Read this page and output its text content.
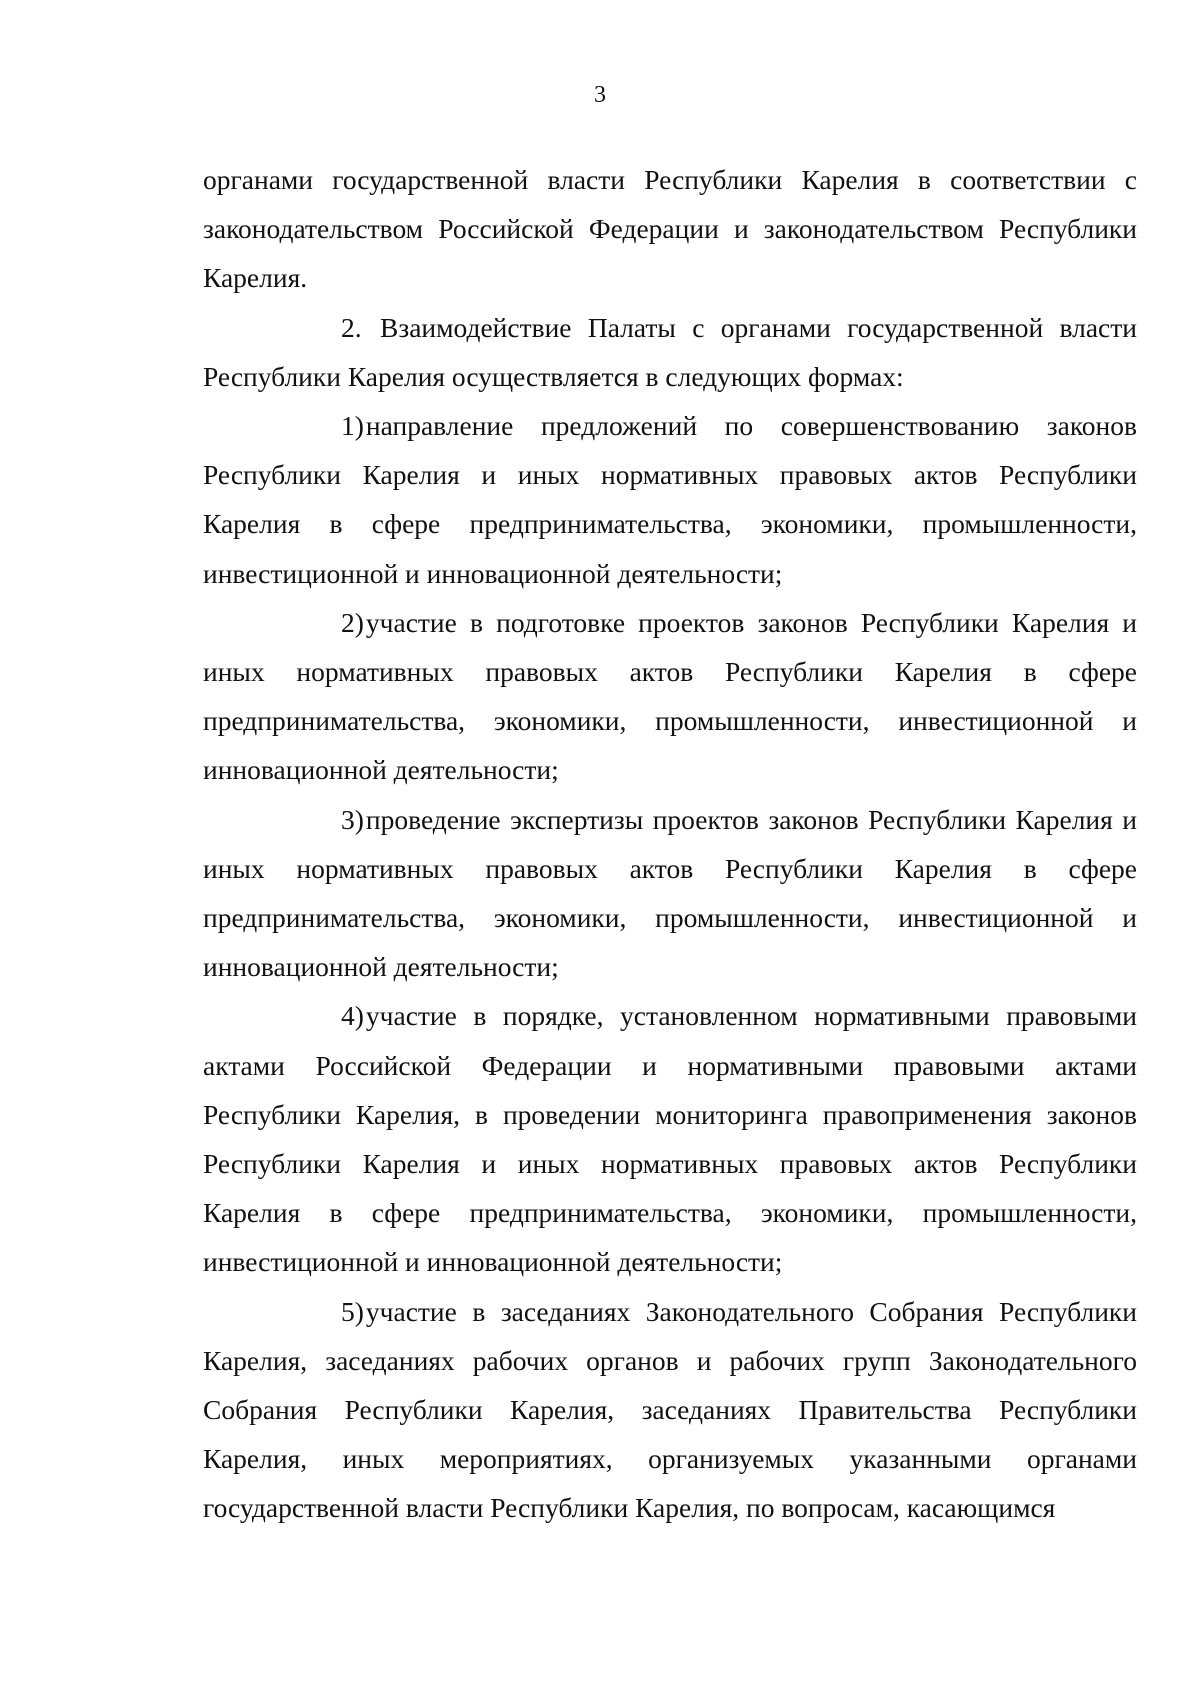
3

органами государственной власти Республики Карелия в соответствии с законодательством Российской Федерации и законодательством Республики Карелия.

2. Взаимодействие Палаты с органами государственной власти Республики Карелия осуществляется в следующих формах:

1)направление предложений по совершенствованию законов Республики Карелия и иных нормативных правовых актов Республики Карелия в сфере предпринимательства, экономики, промышленности, инвестиционной и инновационной деятельности;

2)участие в подготовке проектов законов Республики Карелия и иных нормативных правовых актов Республики Карелия в сфере предпринимательства, экономики, промышленности, инвестиционной и инновационной деятельности;

3)проведение экспертизы проектов законов Республики Карелия и иных нормативных правовых актов Республики Карелия в сфере предпринимательства, экономики, промышленности, инвестиционной и инновационной деятельности;

4)участие в порядке, установленном нормативными правовыми актами Российской Федерации и нормативными правовыми актами Республики Карелия, в проведении мониторинга правоприменения законов Республики Карелия и иных нормативных правовых актов Республики Карелия в сфере предпринимательства, экономики, промышленности, инвестиционной и инновационной деятельности;

5)участие в заседаниях Законодательного Собрания Республики Карелия, заседаниях рабочих органов и рабочих групп Законодательного Собрания Республики Карелия, заседаниях Правительства Республики Карелия, иных мероприятиях, организуемых указанными органами государственной власти Республики Карелия, по вопросам, касающимся
